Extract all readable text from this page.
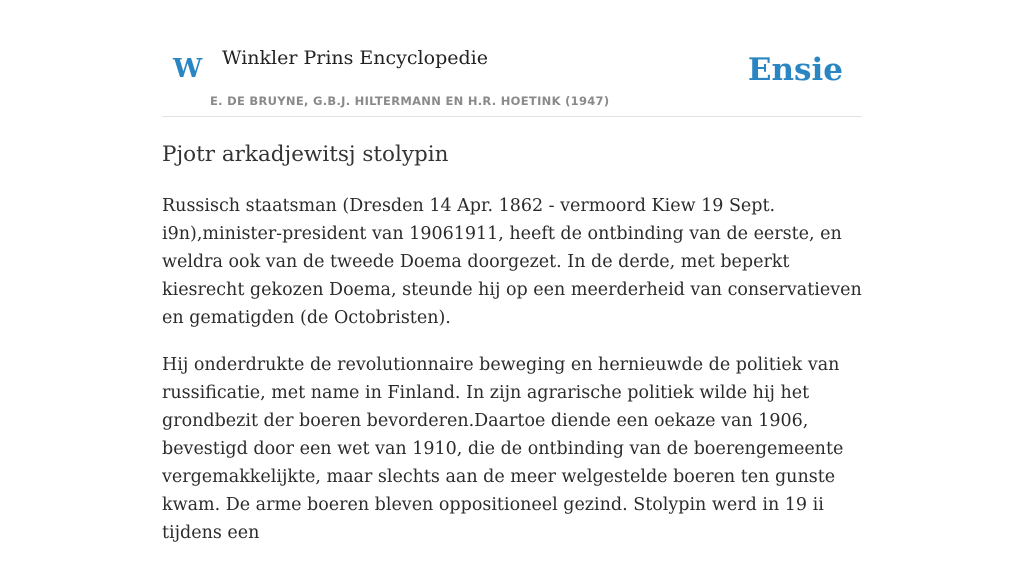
W Winkler Prins Encyclopedie
E. DE BRUYNE, G.B.J. HILTERMANN EN H.R. HOETINK (1947)
Ensie
Pjotr arkadjewitsj stolypin

Russisch staatsman (Dresden 14 Apr. 1862 - vermoord Kiew 19 Sept. i9n),minister-president van 19061911, heeft de ontbinding van de eerste, en weldra ook van de tweede Doema doorgezet. In de derde, met beperkt kiesrecht gekozen Doema, steunde hij op een meerderheid van conservatieven en gematigden (de Octobristen).

Hij onderdrukte de revolutionnaire beweging en hernieuwde de politiek van russificatie, met name in Finland. In zijn agrarische politiek wilde hij het grondbezit der boeren bevorderen.Daartoe diende een oekaze van 1906, bevestigd door een wet van 1910, die de ontbinding van de boerengemeente vergemakkelijkte, maar slechts aan de meer welgestelde boeren ten gunste kwam. De arme boeren bleven oppositioneel gezind. Stolypin werd in 19 ii tijdens een
